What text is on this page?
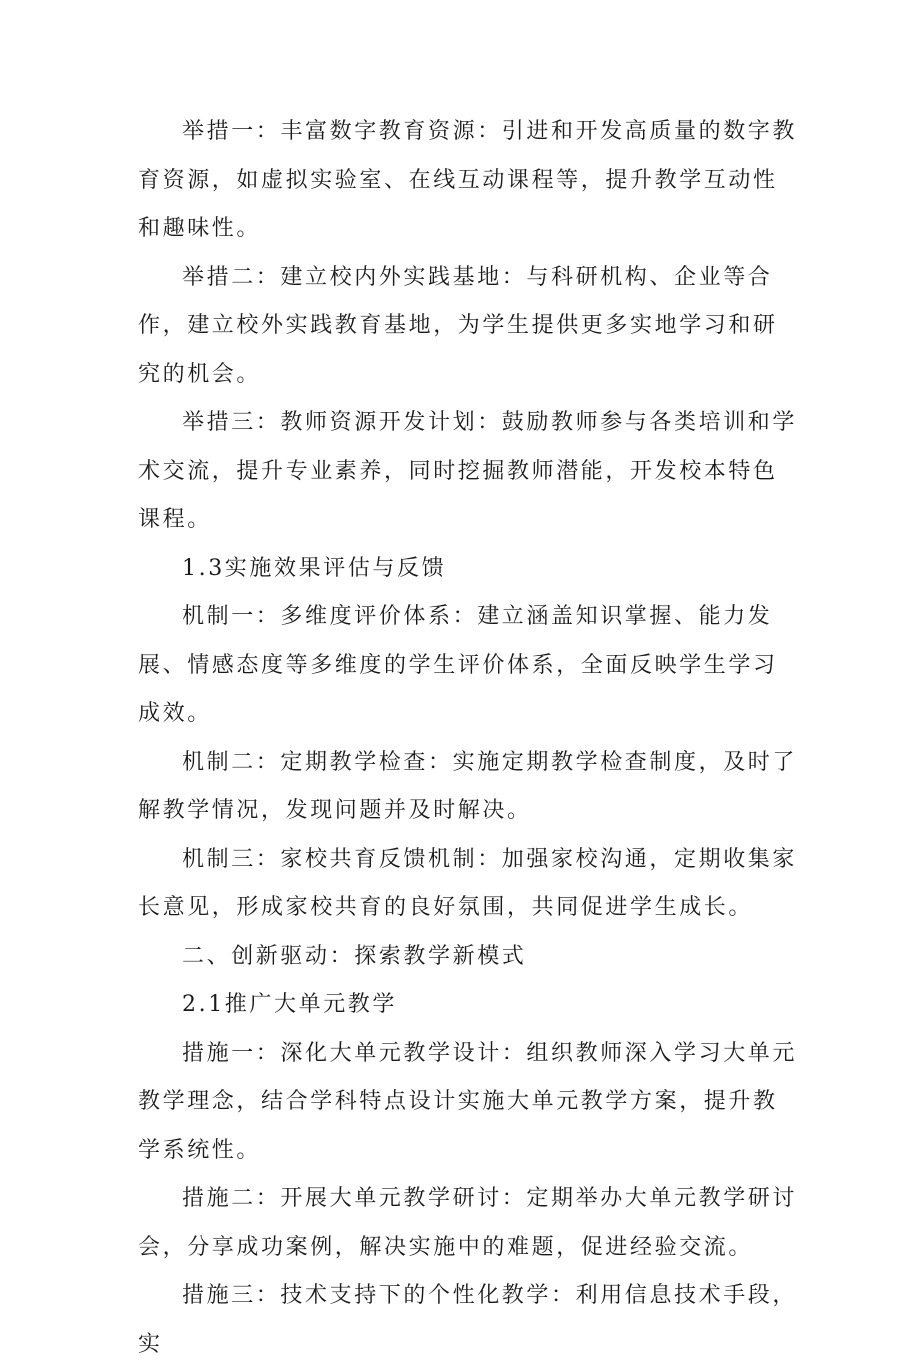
举措一：丰富数字教育资源：引进和开发高质量的数字教育资源，如虚拟实验室、在线互动课程等，提升教学互动性和趣味性。

举措二：建立校内外实践基地：与科研机构、企业等合作，建立校外实践教育基地，为学生提供更多实地学习和研究的机会。

举措三：教师资源开发计划：鼓励教师参与各类培训和学术交流，提升专业素养，同时挖掘教师潜能，开发校本特色课程。

1.3实施效果评估与反馈

机制一：多维度评价体系：建立涵盖知识掌握、能力发展、情感态度等多维度的学生评价体系，全面反映学生学习成效。

机制二：定期教学检查：实施定期教学检查制度，及时了解教学情况，发现问题并及时解决。

机制三：家校共育反馈机制：加强家校沟通，定期收集家长意见，形成家校共育的良好氛围，共同促进学生成长。

二、创新驱动：探索教学新模式

2.1推广大单元教学

措施一：深化大单元教学设计：组织教师深入学习大单元教学理念，结合学科特点设计实施大单元教学方案，提升教学系统性。

措施二：开展大单元教学研讨：定期举办大单元教学研讨会，分享成功案例，解决实施中的难题，促进经验交流。

措施三：技术支持下的个性化教学：利用信息技术手段，实
